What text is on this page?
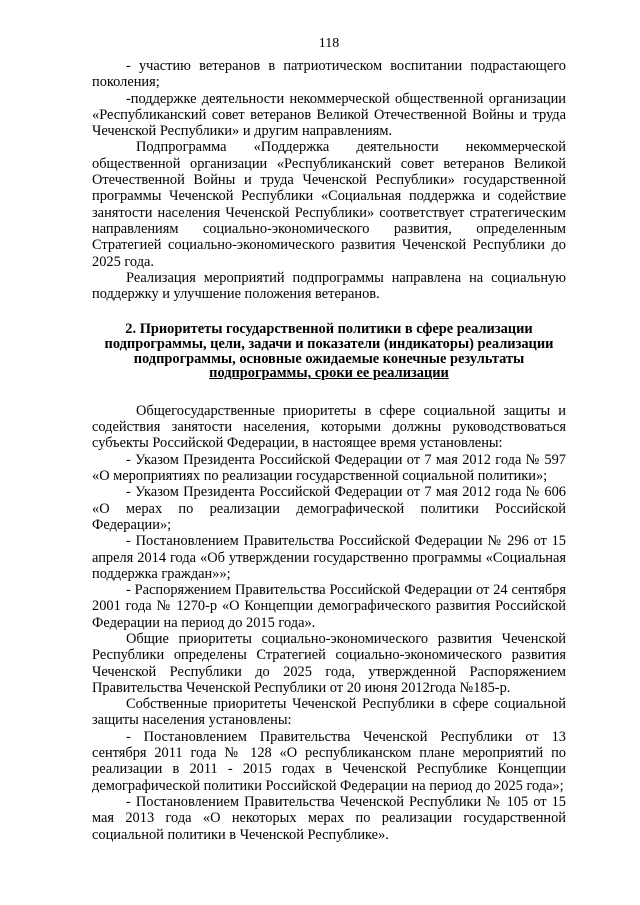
118

- участию ветеранов в патриотическом воспитании подрастающего поколения;

-поддержке деятельности некоммерческой общественной организации «Республиканский совет ветеранов Великой Отечественной Войны и труда Чеченской Республики» и другим направлениям.

Подпрограмма «Поддержка деятельности некоммерческой общественной организации «Республиканский совет ветеранов Великой Отечественной Войны и труда Чеченской Республики» государственной программы Чеченской Республики «Социальная поддержка и содействие занятости населения Чеченской Республики» соответствует стратегическим направлениям социально-экономического развития, определенным Стратегией социально-экономического развития Чеченской Республики до 2025 года.

Реализация мероприятий подпрограммы направлена на социальную поддержку и улучшение положения ветеранов.

2. Приоритеты государственной политики в сфере реализации
подпрограммы, цели, задачи и показатели (индикаторы) реализации
подпрограммы, основные ожидаемые конечные результаты
подпрограммы, сроки ее реализации

Общегосударственные приоритеты в сфере социальной защиты и содействия занятости населения, которыми должны руководствоваться субъекты Российской Федерации, в настоящее время установлены:

- Указом Президента Российской Федерации от 7 мая 2012 года № 597 «О мероприятиях по реализации государственной социальной политики»;

- Указом Президента Российской Федерации от 7 мая 2012 года № 606 «О мерах по реализации демографической политики Российской Федерации»;

- Постановлением Правительства Российской Федерации № 296 от 15 апреля 2014 года «Об утверждении государственно программы «Социальная поддержка граждан»»;

- Распоряжением Правительства Российской Федерации от 24 сентября 2001 года № 1270-р «О Концепции демографического развития Российской Федерации на период до 2015 года».

Общие приоритеты социально-экономического развития Чеченской Республики определены Стратегией социально-экономического развития Чеченской Республики до 2025 года, утвержденной Распоряжением Правительства Чеченской Республики от 20 июня 2012года №185-р.

Собственные приоритеты Чеченской Республики в сфере социальной защиты населения установлены:

- Постановлением Правительства Чеченской Республики от 13 сентября 2011 года № 128 «О республиканском плане мероприятий по реализации в 2011 - 2015 годах в Чеченской Республике Концепции демографической политики Российской Федерации на период до 2025 года»;

- Постановлением Правительства Чеченской Республики № 105 от 15 мая 2013 года «О некоторых мерах по реализации государственной социальной политики в Чеченской Республике».
